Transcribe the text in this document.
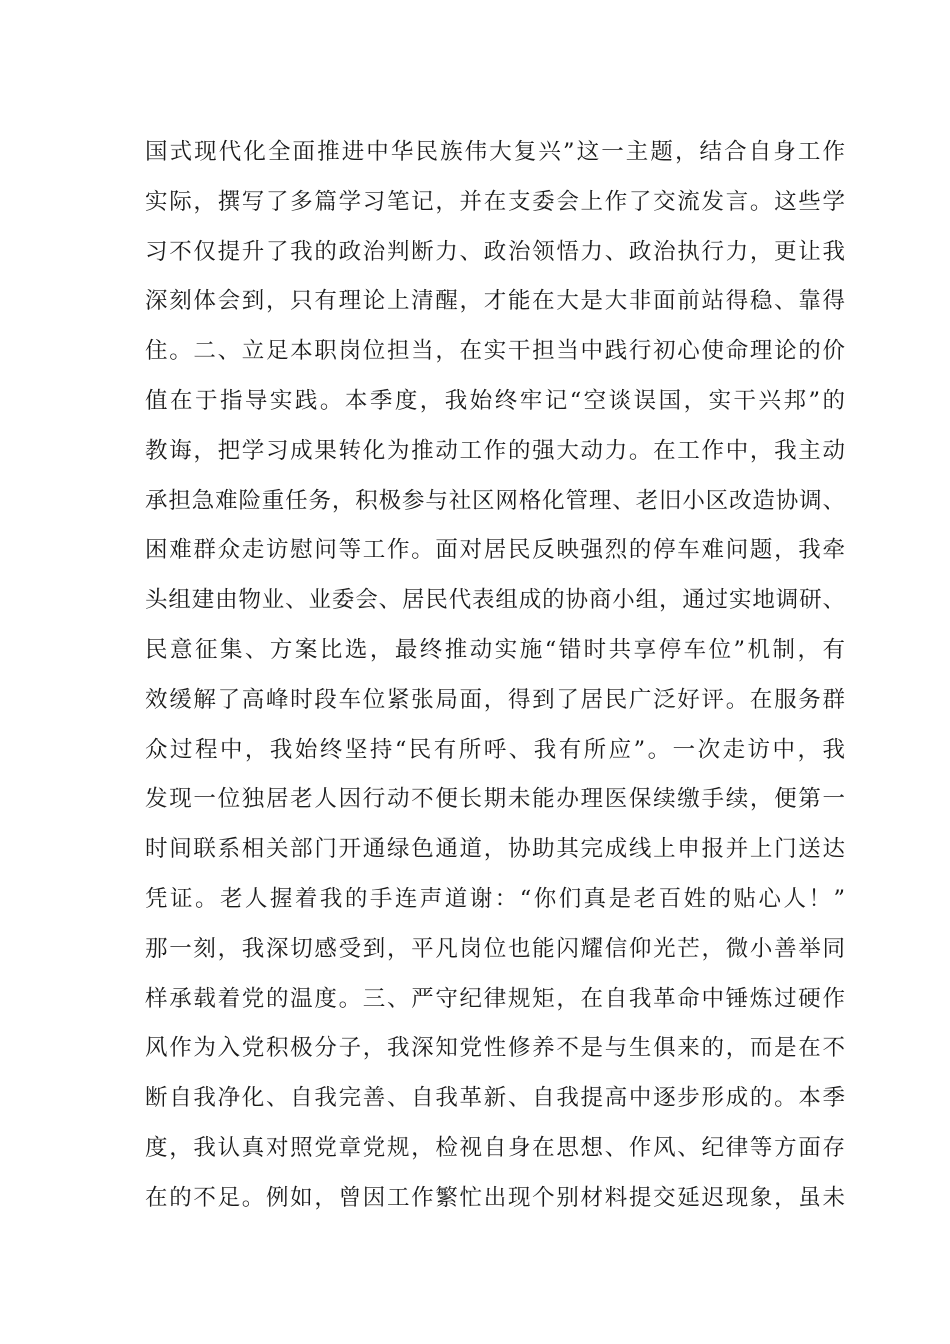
国式现代化全面推进中华民族伟大复兴”这一主题，结合自身工作
实际，撰写了多篇学习笔记，并在支委会上作了交流发言。这些学
习不仅提升了我的政治判断力、政治领悟力、政治执行力，更让我
深刻体会到，只有理论上清醒，才能在大是大非面前站得稳、靠得
住。二、立足本职岗位担当，在实干担当中践行初心使命理论的价
值在于指导实践。本季度，我始终牢记“空谈误国，实干兴邦”的
教诲，把学习成果转化为推动工作的强大动力。在工作中，我主动
承担急难险重任务，积极参与社区网格化管理、老旧小区改造协调、
困难群众走访慰问等工作。面对居民反映强烈的停车难问题，我牵
头组建由物业、业委会、居民代表组成的协商小组，通过实地调研、
民意征集、方案比选，最终推动实施“错时共享停车位”机制，有
效缓解了高峰时段车位紧张局面，得到了居民广泛好评。在服务群
众过程中，我始终坚持“民有所呼、我有所应”。一次走访中，我
发现一位独居老人因行动不便长期未能办理医保续缴手续，便第一
时间联系相关部门开通绿色通道，协助其完成线上申报并上门送达
凭证。老人握着我的手连声道谢：“你们真是老百姓的贴心人！”
那一刻，我深切感受到，平凡岗位也能闪耀信仰光芒，微小善举同
样承载着党的温度。三、严守纪律规矩，在自我革命中锤炼过硬作
风作为入党积极分子，我深知党性修养不是与生俱来的，而是在不
断自我净化、自我完善、自我革新、自我提高中逐步形成的。本季
度，我认真对照党章党规，检视自身在思想、作风、纪律等方面存
在的不足。例如，曾因工作繁忙出现个别材料提交延迟现象，虽未
